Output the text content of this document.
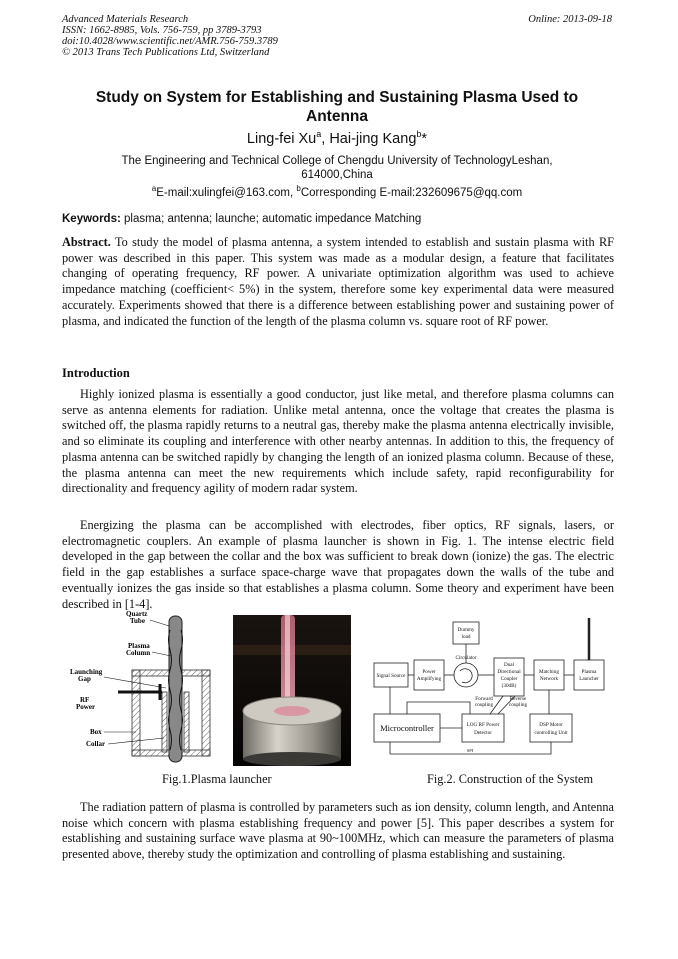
Advanced Materials Research
ISSN: 1662-8985, Vols. 756-759, pp 3789-3793
doi:10.4028/www.scientific.net/AMR.756-759.3789
© 2013 Trans Tech Publications Ltd, Switzerland
Online: 2013-09-18
Study on System for Establishing and Sustaining Plasma Used to
Antenna
Ling-fei Xu$^a$, Hai-jing Kang$^b$*
The Engineering and Technical College of Chengdu University of TechnologyLeshan,
614000,China
$^a$E-mail:xulingfei@163.com, $^b$Corresponding E-mail:232609675@qq.com
Keywords: plasma; antenna; launche; automatic impedance Matching
Abstract. To study the model of plasma antenna, a system intended to establish and sustain plasma with RF power was described in this paper. This system was made as a modular design, a feature that facilitates changing of operating frequency, RF power. A univariate optimization algorithm was used to achieve impedance matching (coefficient< 5%) in the system, therefore some key experimental data were measured accurately. Experiments showed that there is a difference between establishing power and sustaining power of plasma, and indicated the function of the length of the plasma column vs. square root of RF power.
Introduction
Highly ionized plasma is essentially a good conductor, just like metal, and therefore plasma columns can serve as antenna elements for radiation. Unlike metal antenna, once the voltage that creates the plasma is switched off, the plasma rapidly returns to a neutral gas, thereby make the plasma antenna electrically invisible, and so eliminate its coupling and interference with other nearby antennas. In addition to this, the frequency of plasma antenna can be switched rapidly by changing the length of an ionized plasma column. Because of these, the plasma antenna can meet the new requirements which include safety, rapid reconfigurability for directionality and frequency agility of modern radar system.
Energizing the plasma can be accomplished with electrodes, fiber optics, RF signals, lasers, or electromagnetic couplers. An example of plasma launcher is shown in Fig. 1. The intense electric field developed in the gap between the collar and the box was sufficient to break down (ionize) the gas. The electric field in the gap establishes a surface space-charge wave that propagates down the walls of the tube and eventually ionizes the gas inside so that establishes a plasma column. Some theory and experiment have been described in [1-4].
Quartz
Tube
Plasma
Column
Launching
Gap
RF
Power
Box
Collar
Dummy
load
Signal Source
Power
Amplifying
Circulator
Dual
Directional
Coupler
(30dB)
Matching
Network
Plasma
Launcher
Forward
coupling
Reverse
coupling
LOG RF Power
Detector
DSP Motor
controlling Unit
SPI
Microcontroller
Fig.1.Plasma launcher	Fig.2. Construction of the System
The radiation pattern of plasma is controlled by parameters such as ion density, column length, and Antenna noise which concern with plasma establishing frequency and power [5]. This paper describes a system for establishing and sustaining surface wave plasma at 90~100MHz, which can measure the parameters of plasma presented above, thereby study the optimization and controlling of plasma establishing and sustaining.
